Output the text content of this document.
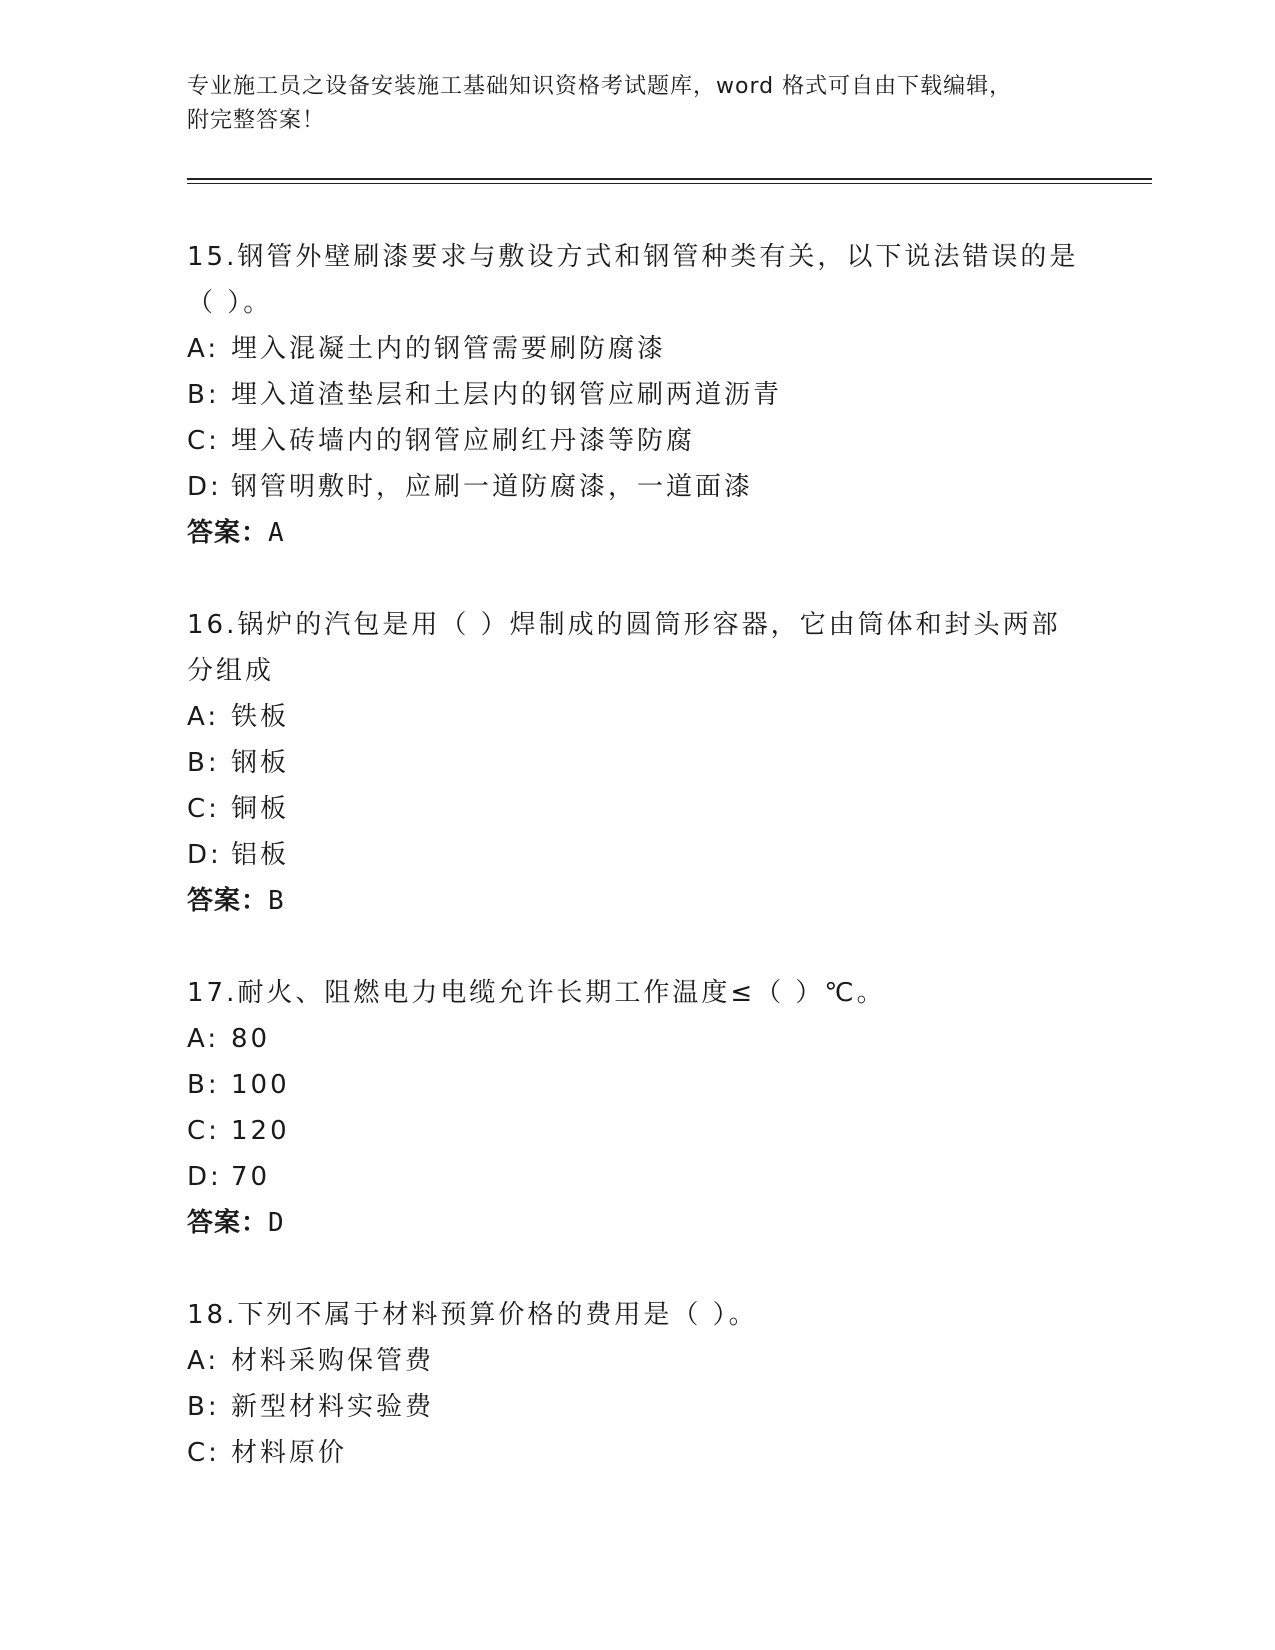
专业施工员之设备安装施工基础知识资格考试题库，word 格式可自由下载编辑，
附完整答案！
15.钢管外壁刷漆要求与敷设方式和钢管种类有关，以下说法错误的是
（ ）。
A: 埋入混凝土内的钢管需要刷防腐漆
B: 埋入道渣垫层和土层内的钢管应刷两道沥青
C: 埋入砖墙内的钢管应刷红丹漆等防腐
D: 钢管明敷时，应刷一道防腐漆，一道面漆
答案：A
16.锅炉的汽包是用（ ）焊制成的圆筒形容器，它由筒体和封头两部
分组成
A: 铁板
B: 钢板
C: 铜板
D: 铝板
答案：B
17.耐火、阻燃电力电缆允许长期工作温度≤（ ）℃。
A: 80
B: 100
C: 120
D: 70
答案：D
18.下列不属于材料预算价格的费用是（ ）。
A: 材料采购保管费
B: 新型材料实验费
C: 材料原价
